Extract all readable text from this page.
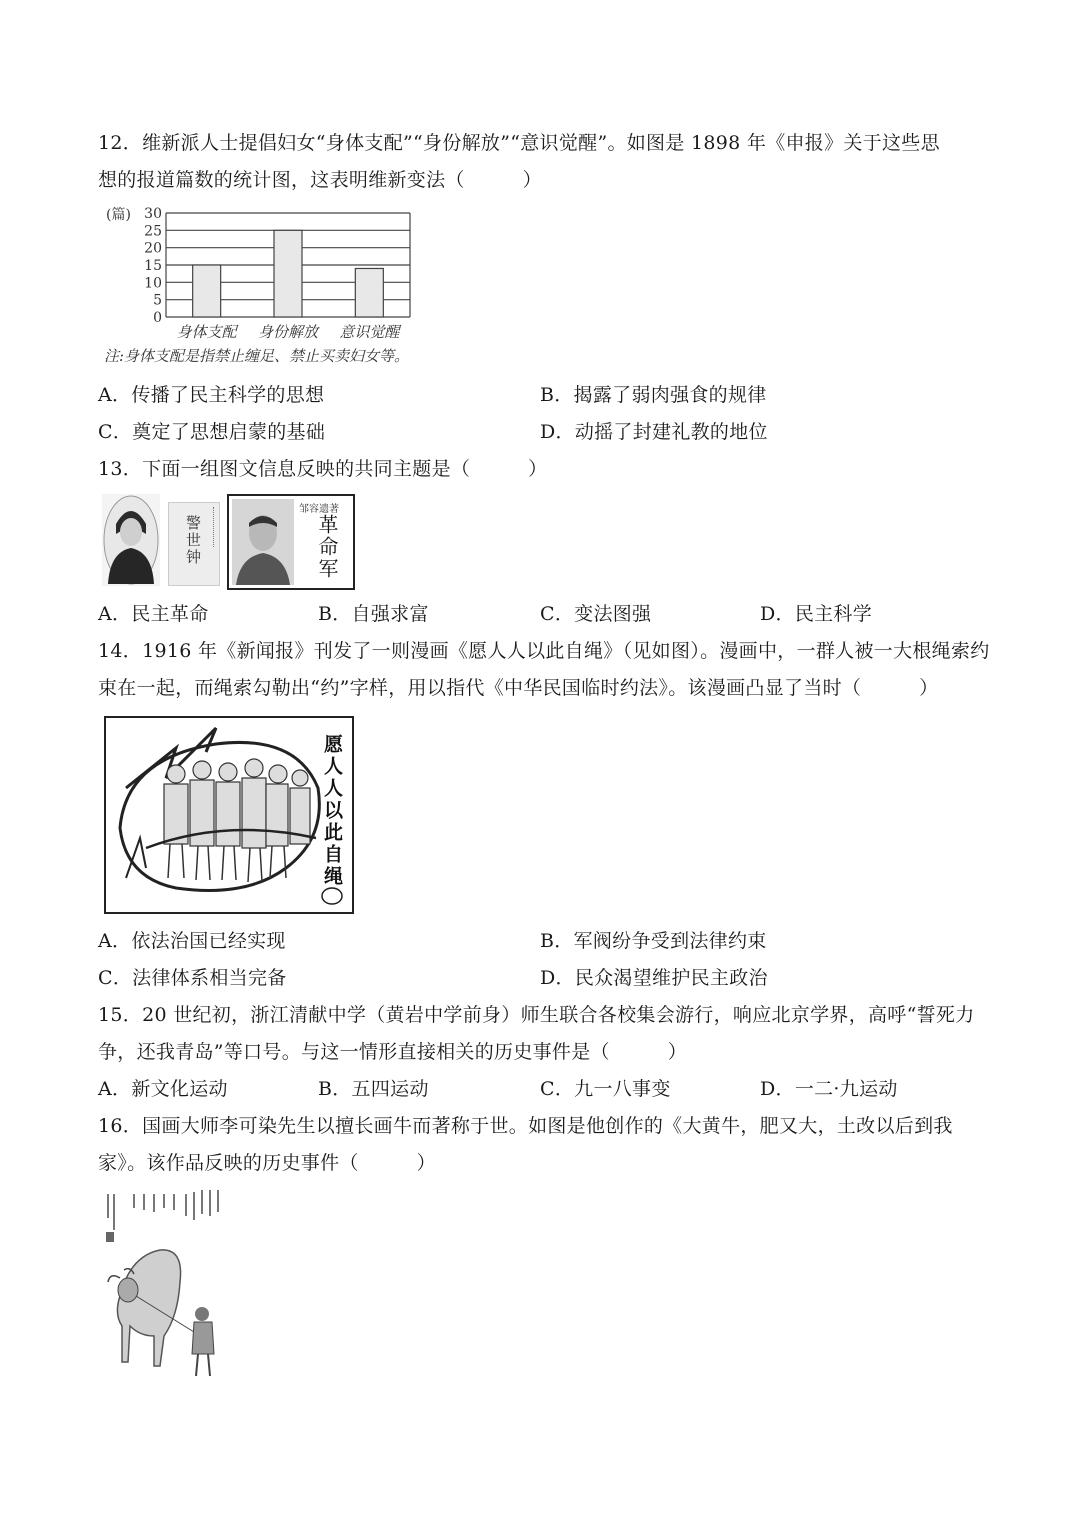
12．维新派人士提倡妇女“身体支配”“身份解放”“意识觉醒”。如图是 1898 年《申报》关于这些思
想的报道篇数的统计图，这表明维新变法（　　　）
0
5
10
15
20
25
30
身体支配 身份解放 意识觉醒
(篇)
注:身体支配是指禁止缠足、禁止买卖妇女等。
A．传播了民主科学的思想	B．揭露了弱肉强食的规律
C．奠定了思想启蒙的基础	D．动摇了封建礼教的地位
13．下面一组图文信息反映的共同主题是（　　　）
警世钟
邹容遗著
革命军
A．民主革命	B．自强求富	C．变法图强	D．民主科学
14．1916 年《新闻报》刊发了一则漫画《愿人人以此自绳》（见如图）。漫画中，一群人被一大根绳索约
束在一起，而绳索勾勒出“约”字样，用以指代《中华民国临时约法》。该漫画凸显了当时（　　　）
愿人人以此自绳
A．依法治国已经实现	B．军阀纷争受到法律约束
C．法律体系相当完备	D．民众渴望维护民主政治
15．20 世纪初，浙江清献中学（黄岩中学前身）师生联合各校集会游行，响应北京学界，高呼“誓死力
争，还我青岛”等口号。与这一情形直接相关的历史事件是（　　　）
A．新文化运动	B．五四运动	C．九一八事变	D．一二·九运动
16．国画大师李可染先生以擅长画牛而著称于世。如图是他创作的《大黄牛，肥又大，土改以后到我
家》。该作品反映的历史事件（　　　）
